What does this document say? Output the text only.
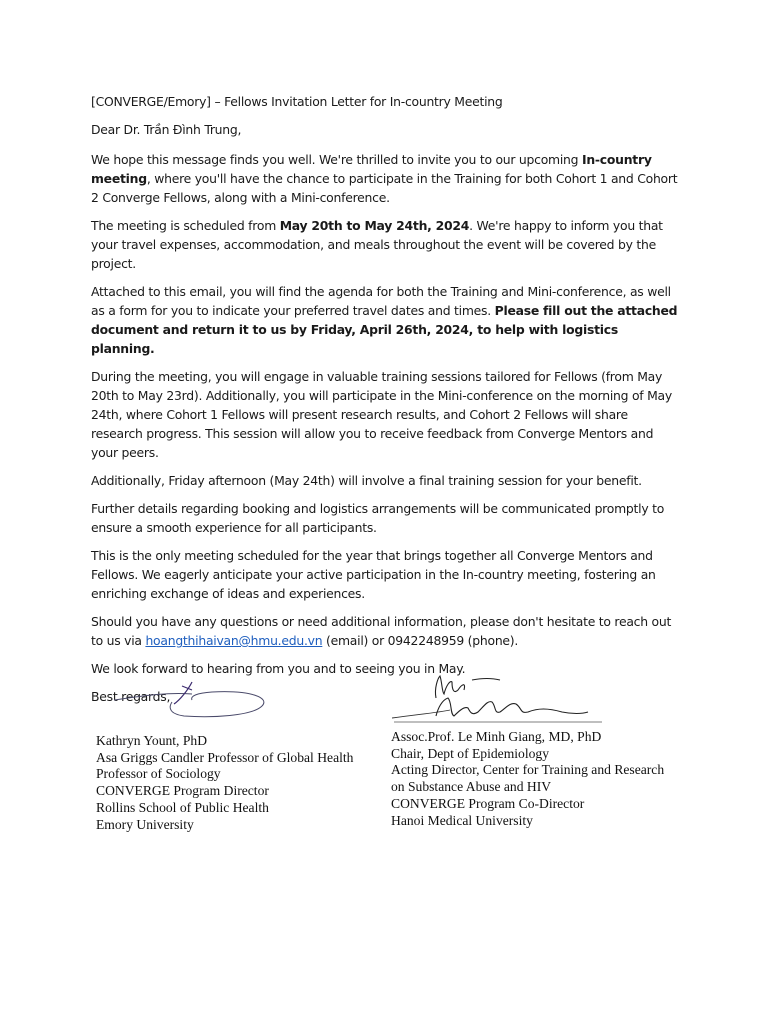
[CONVERGE/Emory] – Fellows Invitation Letter for In-country Meeting

Dear Dr. Trần Đình Trung,

We hope this message finds you well. We're thrilled to invite you to our upcoming In-country meeting, where you'll have the chance to participate in the Training for both Cohort 1 and Cohort 2 Converge Fellows, along with a Mini-conference.

The meeting is scheduled from May 20th to May 24th, 2024. We're happy to inform you that your travel expenses, accommodation, and meals throughout the event will be covered by the project.

Attached to this email, you will find the agenda for both the Training and Mini-conference, as well as a form for you to indicate your preferred travel dates and times. Please fill out the attached document and return it to us by Friday, April 26th, 2024, to help with logistics planning.

During the meeting, you will engage in valuable training sessions tailored for Fellows (from May 20th to May 23rd). Additionally, you will participate in the Mini-conference on the morning of May 24th, where Cohort 1 Fellows will present research results, and Cohort 2 Fellows will share research progress. This session will allow you to receive feedback from Converge Mentors and your peers.

Additionally, Friday afternoon (May 24th) will involve a final training session for your benefit.

Further details regarding booking and logistics arrangements will be communicated promptly to ensure a smooth experience for all participants.

This is the only meeting scheduled for the year that brings together all Converge Mentors and Fellows. We eagerly anticipate your active participation in the In-country meeting, fostering an enriching exchange of ideas and experiences.

Should you have any questions or need additional information, please don't hesitate to reach out to us via hoangthihaivan@hmu.edu.vn (email) or 0942248959 (phone).

We look forward to hearing from you and to seeing you in May.

Best regards,

Kathryn Yount, PhD
Asa Griggs Candler Professor of Global Health
Professor of Sociology
CONVERGE Program Director
Rollins School of Public Health
Emory University
Assoc.Prof. Le Minh Giang, MD, PhD
Chair, Dept of Epidemiology
Acting Director, Center for Training and Research
on Substance Abuse and HIV
CONVERGE Program Co-Director
Hanoi Medical University
